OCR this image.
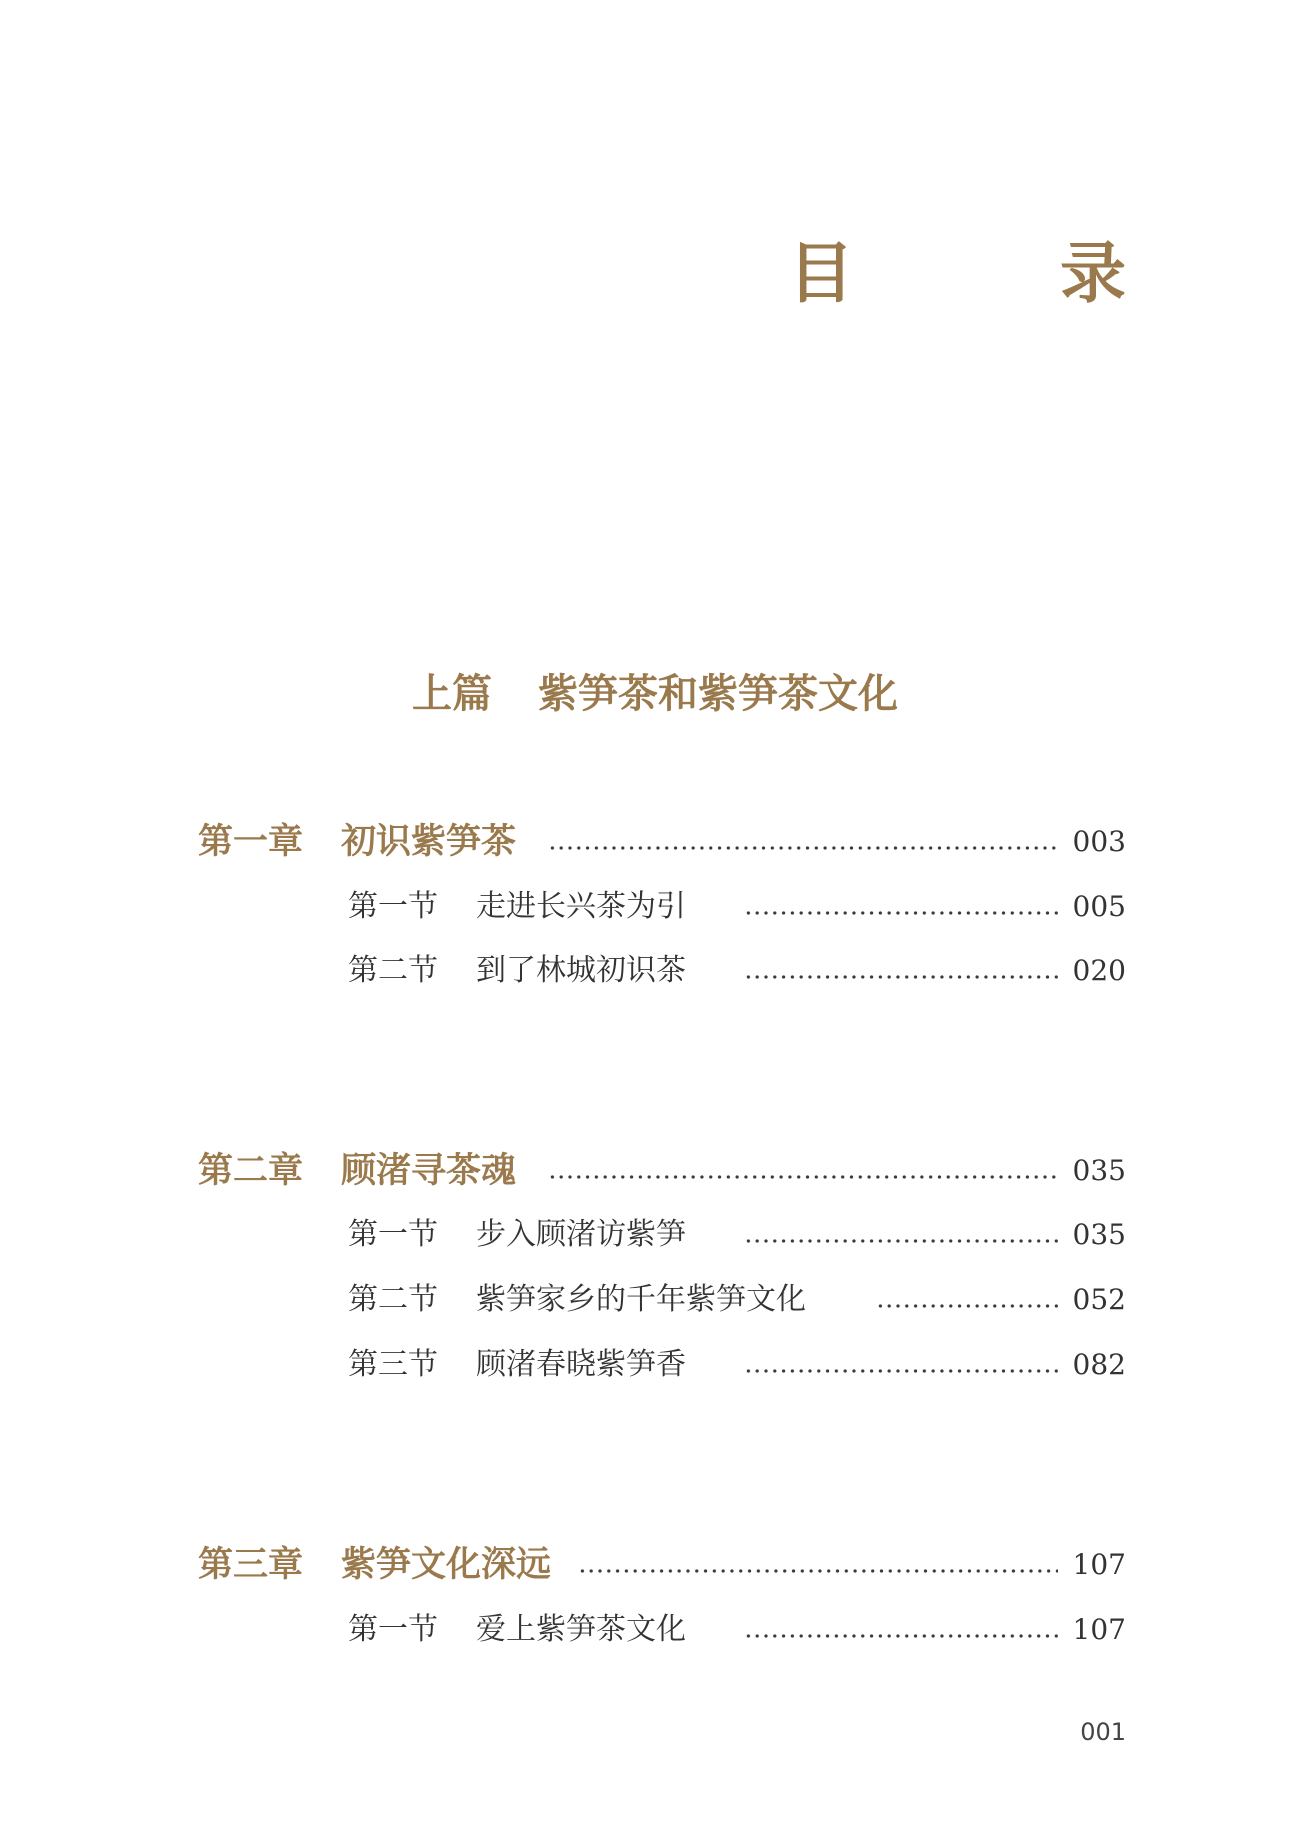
目　录
上篇 紫笋茶和紫笋茶文化
第一章 初识紫笋茶	003
第一节 走进长兴茶为引	005
第二节 到了林城初识茶	020
第二章 顾渚寻茶魂	035
第一节 步入顾渚访紫笋	035
第二节 紫笋家乡的千年紫笋文化	052
第三节 顾渚春晓紫笋香	082
第三章 紫笋文化深远	107
第一节 爱上紫笋茶文化	107
001
